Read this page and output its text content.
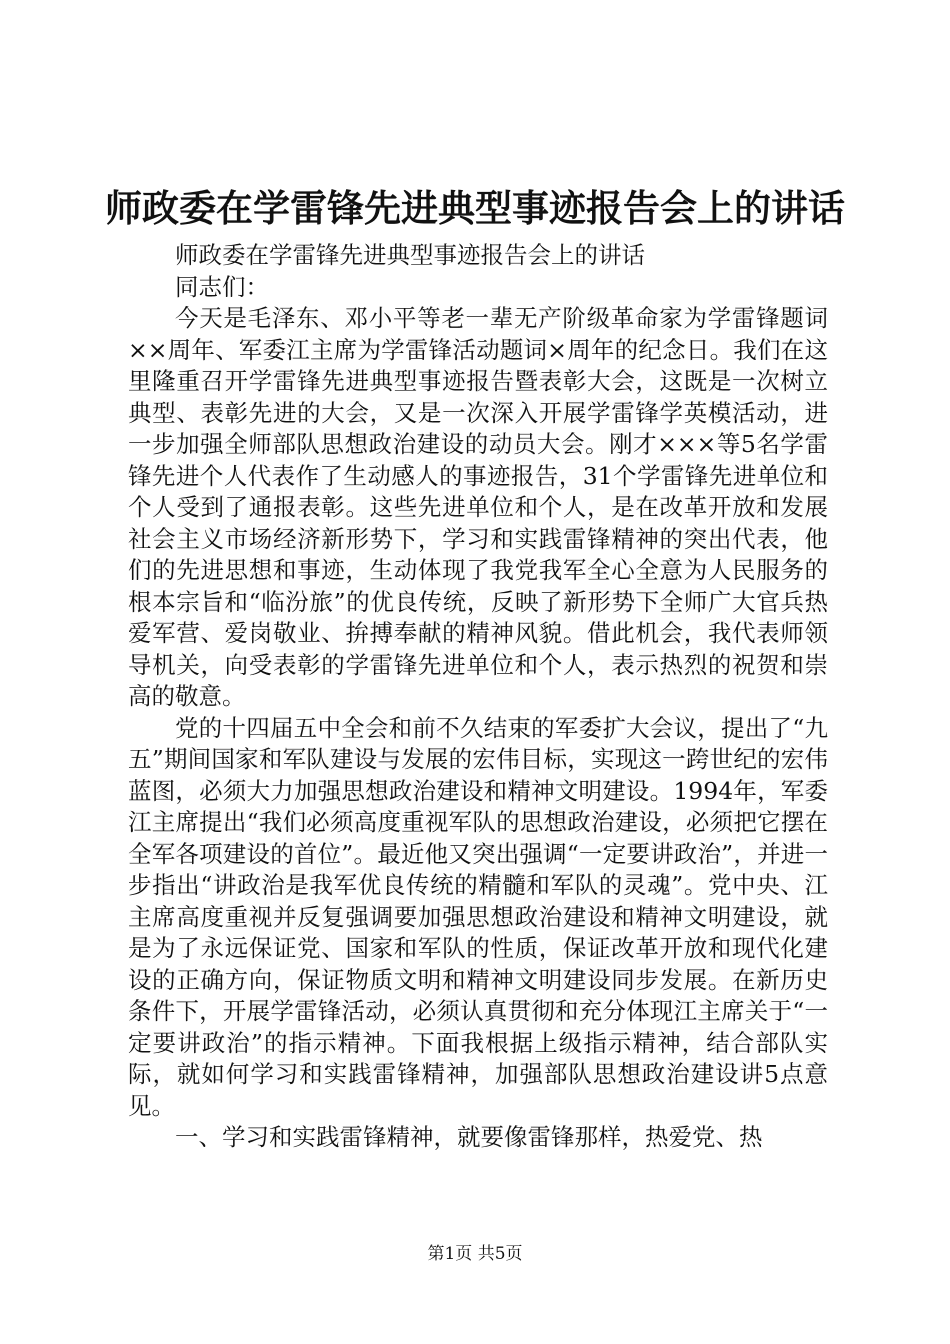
师政委在学雷锋先进典型事迹报告会上的讲话

师政委在学雷锋先进典型事迹报告会上的讲话

同志们：

今天是毛泽东、邓小平等老一辈无产阶级革命家为学雷锋题词××周年、军委江主席为学雷锋活动题词×周年的纪念日。我们在这里隆重召开学雷锋先进典型事迹报告暨表彰大会，这既是一次树立典型、表彰先进的大会，又是一次深入开展学雷锋学英模活动，进一步加强全师部队思想政治建设的动员大会。刚才×××等5名学雷锋先进个人代表作了生动感人的事迹报告，31个学雷锋先进单位和个人受到了通报表彰。这些先进单位和个人，是在改革开放和发展社会主义市场经济新形势下，学习和实践雷锋精神的突出代表，他们的先进思想和事迹，生动体现了我党我军全心全意为人民服务的根本宗旨和“临汾旅”的优良传统，反映了新形势下全师广大官兵热爱军营、爱岗敬业、拚搏奉献的精神风貌。借此机会，我代表师领导机关，向受表彰的学雷锋先进单位和个人，表示热烈的祝贺和崇高的敬意。

党的十四届五中全会和前不久结束的军委扩大会议，提出了“九五”期间国家和军队建设与发展的宏伟目标，实现这一跨世纪的宏伟蓝图，必须大力加强思想政治建设和精神文明建设。1994年，军委江主席提出“我们必须高度重视军队的思想政治建设，必须把它摆在全军各项建设的首位”。最近他又突出强调“一定要讲政治”，并进一步指出“讲政治是我军优良传统的精髓和军队的灵魂”。党中央、江主席高度重视并反复强调要加强思想政治建设和精神文明建设，就是为了永远保证党、国家和军队的性质，保证改革开放和现代化建设的正确方向，保证物质文明和精神文明建设同步发展。在新历史条件下，开展学雷锋活动，必须认真贯彻和充分体现江主席关于“一定要讲政治”的指示精神。下面我根据上级指示精神，结合部队实际，就如何学习和实践雷锋精神，加强部队思想政治建设讲5点意见。

一、学习和实践雷锋精神，就要像雷锋那样，热爱党、热

第1页 共5页
